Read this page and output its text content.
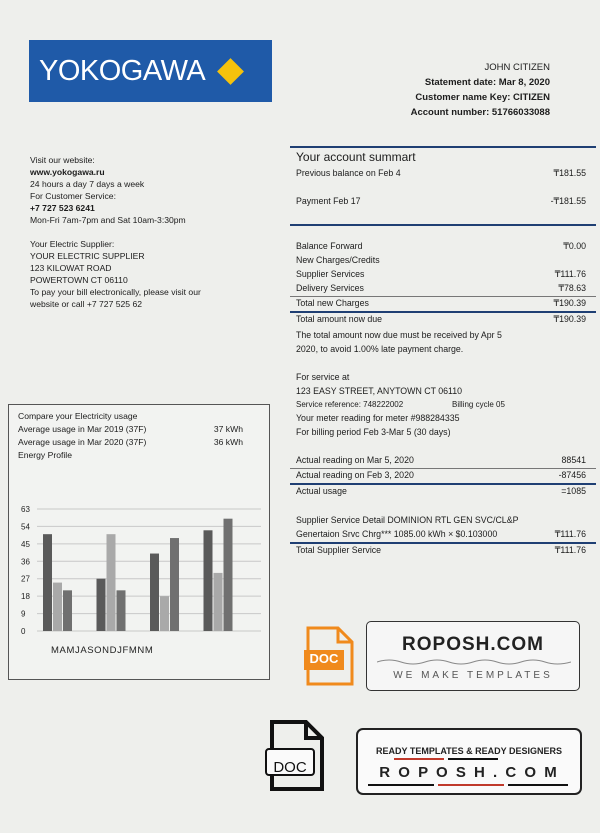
YOKOGAWA	JOHN CITIZEN
Statement date: Mar 8, 2020
Customer name Key: CITIZEN
Account number: 51766033088
Visit our website:
www.yokogawa.ru
24 hours a day 7 days a week
For Customer Service:
+7 727 523 6241
Mon-Fri 7am-7pm and Sat 10am-3:30pm
Your Electric Supplier:
YOUR ELECTRIC SUPPLIER
123 KILOWAT ROAD
POWERTOWN CT 06110
To pay your bill electronically, please visit our
website or call +7 727 525 62
Your account summart
Previous balance on Feb 4	₸181.55
Payment Feb 17	-₸181.55
Balance Forward	₸0.00
New Charges/Credits
Supplier Services	₸111.76
Delivery Services	₸78.63
Total new Charges	₸190.39
Total amount now due	₸190.39
The total amount now due must be received by Apr 5
2020, to avoid 1.00% late payment charge.
For service at
123 EASY STREET, ANYTOWN CT 06110
Service reference: 748222002	Billing cycle 05
Your meter reading for meter #988284335
For billing period Feb 3-Mar 5 (30 days)
Actual reading on Mar 5, 2020	88541
Actual reading on Feb 3, 2020	-87456
Actual usage	=1085
Supplier Service Detail DOMINION RTL GEN SVC/CL&P
Genertaion Srvc Chrg*** 1085.00 kWh × $0.103000	₸111.76
Total Supplier Service	₸111.76
Compare your Electricity usage
Average usage in Mar 2019 (37F)	37 kWh
Average usage in Mar 2020 (37F)	36 kWh
Energy Profile
63
54
45
36
27
18
9
0
MAMJASONDJFMNM
DOC
ROPOSH.COM
WE MAKE TEMPLATES
DOC
READY TEMPLATES & READY DESIGNERS
R O P O S H . C O M
